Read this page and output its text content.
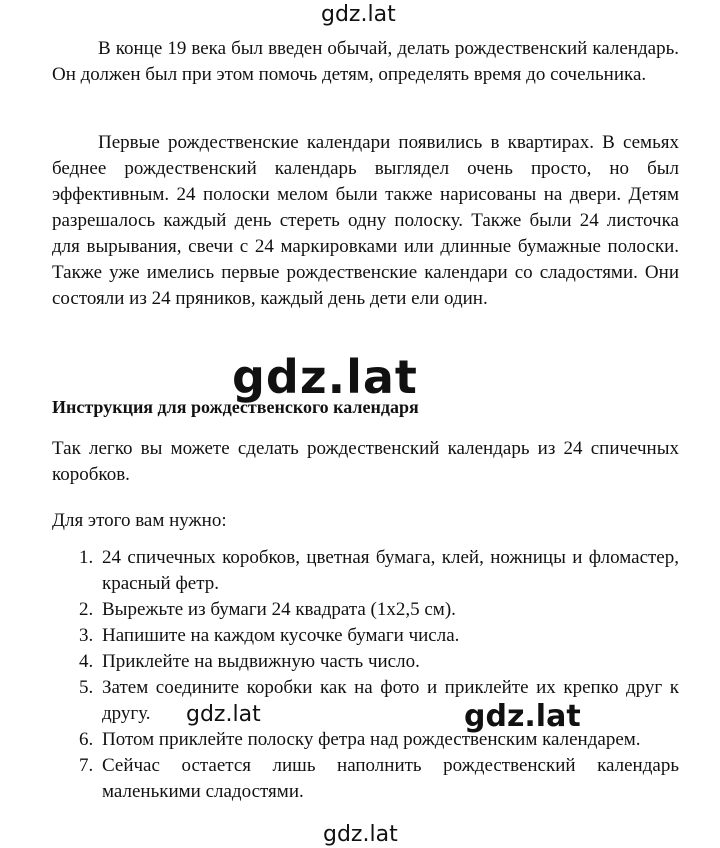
gdz.lat

В конце 19 века был введен обычай, делать рождественский календарь. Он должен был при этом помочь детям, определять время до сочельника.

Первые рождественские календари появились в квартирах. В семьях беднее рождественский календарь выглядел очень просто, но был эффективным. 24 полоски мелом были также нарисованы на двери. Детям разрешалось каждый день стереть одну полоску. Также были 24 листочка для вырывания, свечи с 24 маркировками или длинные бумажные полоски. Также уже имелись первые рождественские календари со сладостями. Они состояли из 24 пряников, каждый день дети ели один.

gdz.lat
Инструкция для рождественского календаря

Так легко вы можете сделать рождественский календарь из 24 спичечных коробков.

Для этого вам нужно:

1. 24 спичечных коробков, цветная бумага, клей, ножницы и фломастер, красный фетр.
2. Вырежьте из бумаги 24 квадрата (1х2,5 см).
3. Напишите на каждом кусочке бумаги числа.
4. Приклейте на выдвижную часть число.
5. Затем соедините коробки как на фото и приклейте их крепко друг к другу.
6. Потом приклейте полоску фетра над рождественским календарем.
7. Сейчас остается лишь наполнить рождественский календарь маленькими сладостями.
gdz.lat	gdz.lat
gdz.lat
